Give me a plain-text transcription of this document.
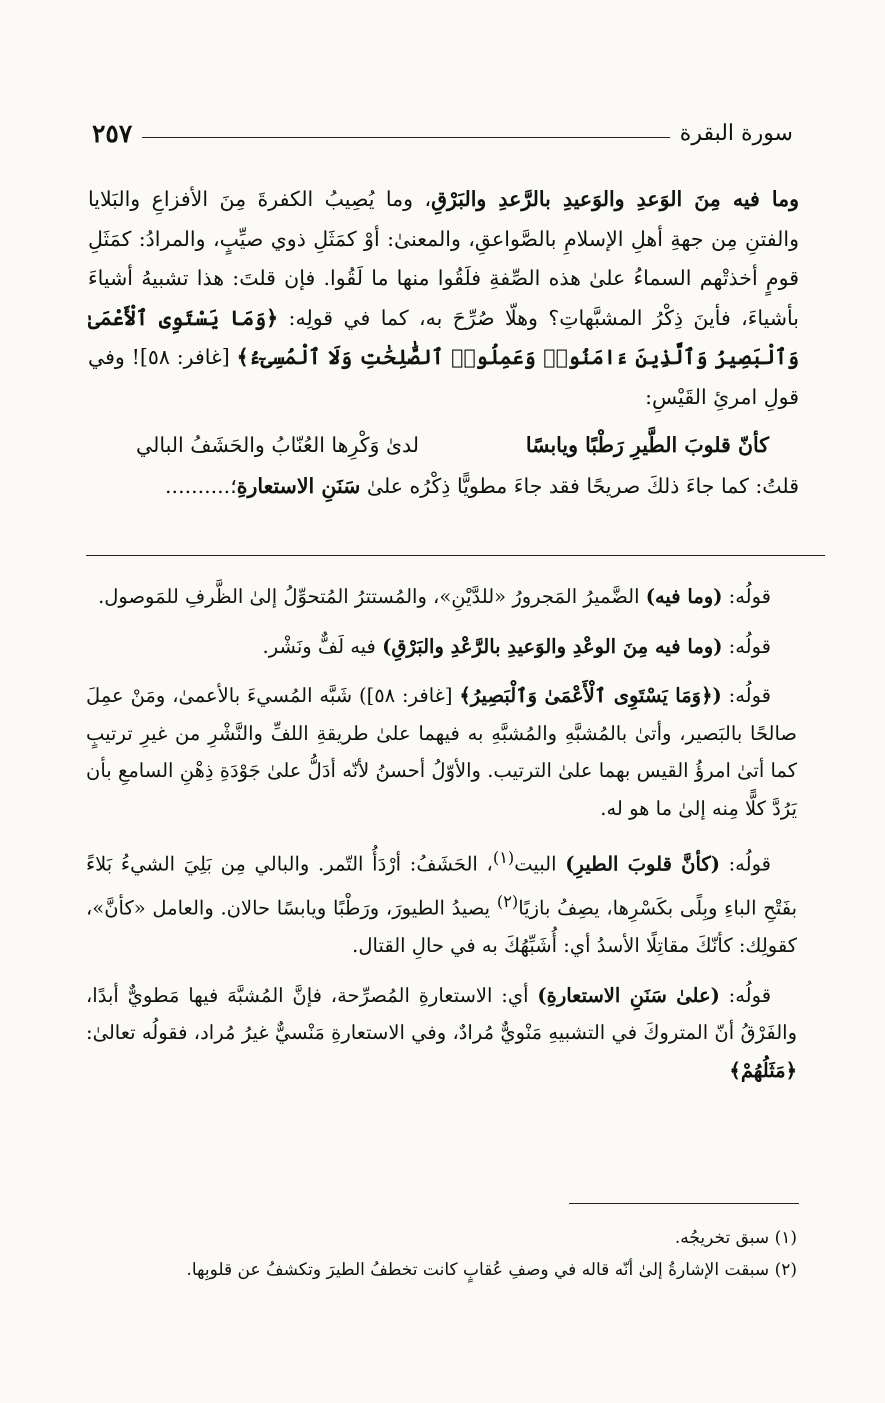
سورة البقرة
٢٥٧

وما فيه مِنَ الوَعدِ والوَعيدِ بالرَّعدِ والبَرْقِ، وما يُصِيبُ الكفرةَ مِنَ الأفزاعِ والبَلايا والفتنِ مِن جهةِ أهلِ الإسلامِ بالصَّواعقِ، والمعنىٰ: أوْ كمَثَلِ ذوي صيِّبٍ، والمرادُ: كمَثَلِ قومٍ أخذتْهم السماءُ علىٰ هذه الصِّفةِ فلَقُوا منها ما لَقُوا. فإن قلتَ: هذا تشبيهُ أشياءَ بأشياءَ، فأينَ ذِكْرُ المشبَّهاتِ؟ وهلّا صُرِّحَ به، كما في قولِه: ﴿وَمَا يَسْتَوِى ٱلْأَعْمَىٰ وَٱلْبَصِيرُ وَٱلَّذِينَ ءَامَنُوا۟ وَعَمِلُوا۟ ٱلصَّٰلِحَٰتِ وَلَا ٱلْمُسِىٓءُ﴾ [غافر: ٥٨]! وفي قولِ امرئِ القَيْسِ:

كأنّ قلوبَ الطَّيرِ رَطْبًا ويابسًا
لدىٰ وَكْرِها العُنّابُ والحَشَفُ البالي

قلتُ: كما جاءَ ذلكَ صريحًا فقد جاءَ مطويًّا ذِكْرُه علىٰ سَنَنِ الاستعارةِ؛..........

قولُه: (وما فيه) الضَّميرُ المَجرورُ «للدَّيْنِ»، والمُستترُ المُتحوِّلُ إلىٰ الظَّرفِ للمَوصول.

قولُه: (وما فيه مِنَ الوعْدِ والوَعيدِ بالرَّعْدِ والبَرْقِ) فيه لَفٌّ ونَشْر.

قولُه: (﴿وَمَا يَسْتَوِى ٱلْأَعْمَىٰ وَٱلْبَصِيرُ﴾ [غافر: ٥٨]) شَبَّه المُسيءَ بالأعمىٰ، ومَنْ عمِلَ صالحًا بالبَصير، وأتىٰ بالمُشبَّهِ والمُشبَّهِ به فيهما علىٰ طريقةِ اللفِّ والنَّشْرِ من غيرِ ترتيبٍ كما أتىٰ امرؤُ القيس بهما علىٰ الترتيب. والأوّلُ أحسنُ لأنّه أدَلُّ علىٰ جَوْدَةِ ذِهْنِ السامعِ بأن يَرُدَّ كلًّا مِنه إلىٰ ما هو له.

قولُه: (كأنَّ قلوبَ الطيرِ) البيت$^{(١)}$، الحَشَفُ: أرْدَأُ التّمر. والبالي مِن بَلِيَ الشيءُ بَلاءً بفَتْحِ الباءِ وبِلًى بكَسْرِها، يصِفُ بازيًا$^{(٢)}$ يصيدُ الطيورَ، ورَطْبًا ويابسًا حالان. والعامل «كأنَّ»، كقولِك: كأنّكَ مقاتِلًا الأسدُ أي: أُشَبِّهُكَ به في حالِ القتال.

قولُه: (علىٰ سَنَنِ الاستعارةِ) أي: الاستعارةِ المُصرِّحة، فإنَّ المُشبَّهَ فيها مَطويٌّ أبدًا، والفَرْقُ أنّ المتروكَ في التشبيهِ مَنْويٌّ مُرادٌ، وفي الاستعارةِ مَنْسيٌّ غيرُ مُراد، فقولُه تعالىٰ: ﴿مَثَلُهُمْ﴾

(١) سبق تخريجُه.
(٢) سبقت الإشارةُ إلىٰ أنّه قاله في وصفِ عُقابٍ كانت تخطفُ الطيرَ وتكشفُ عن قلوبِها.
